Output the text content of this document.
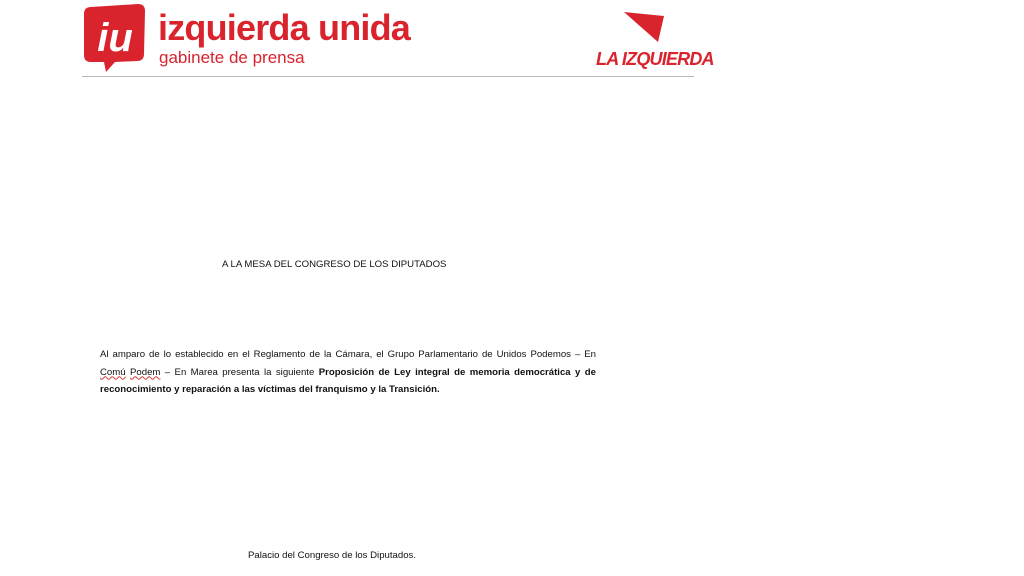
iu izquierda unida
gabinete de prensa	LA IZQUIERDA
A LA MESA DEL CONGRESO DE LOS DIPUTADOS

Al amparo de lo establecido en el Reglamento de la Cámara, el Grupo Parlamentario de Unidos Podemos – En Comú Podem – En Marea presenta la siguiente Proposición de Ley integral de memoria democrática y de reconocimiento y reparación a las víctimas del franquismo y la Transición.

Palacio del Congreso de los Diputados.
